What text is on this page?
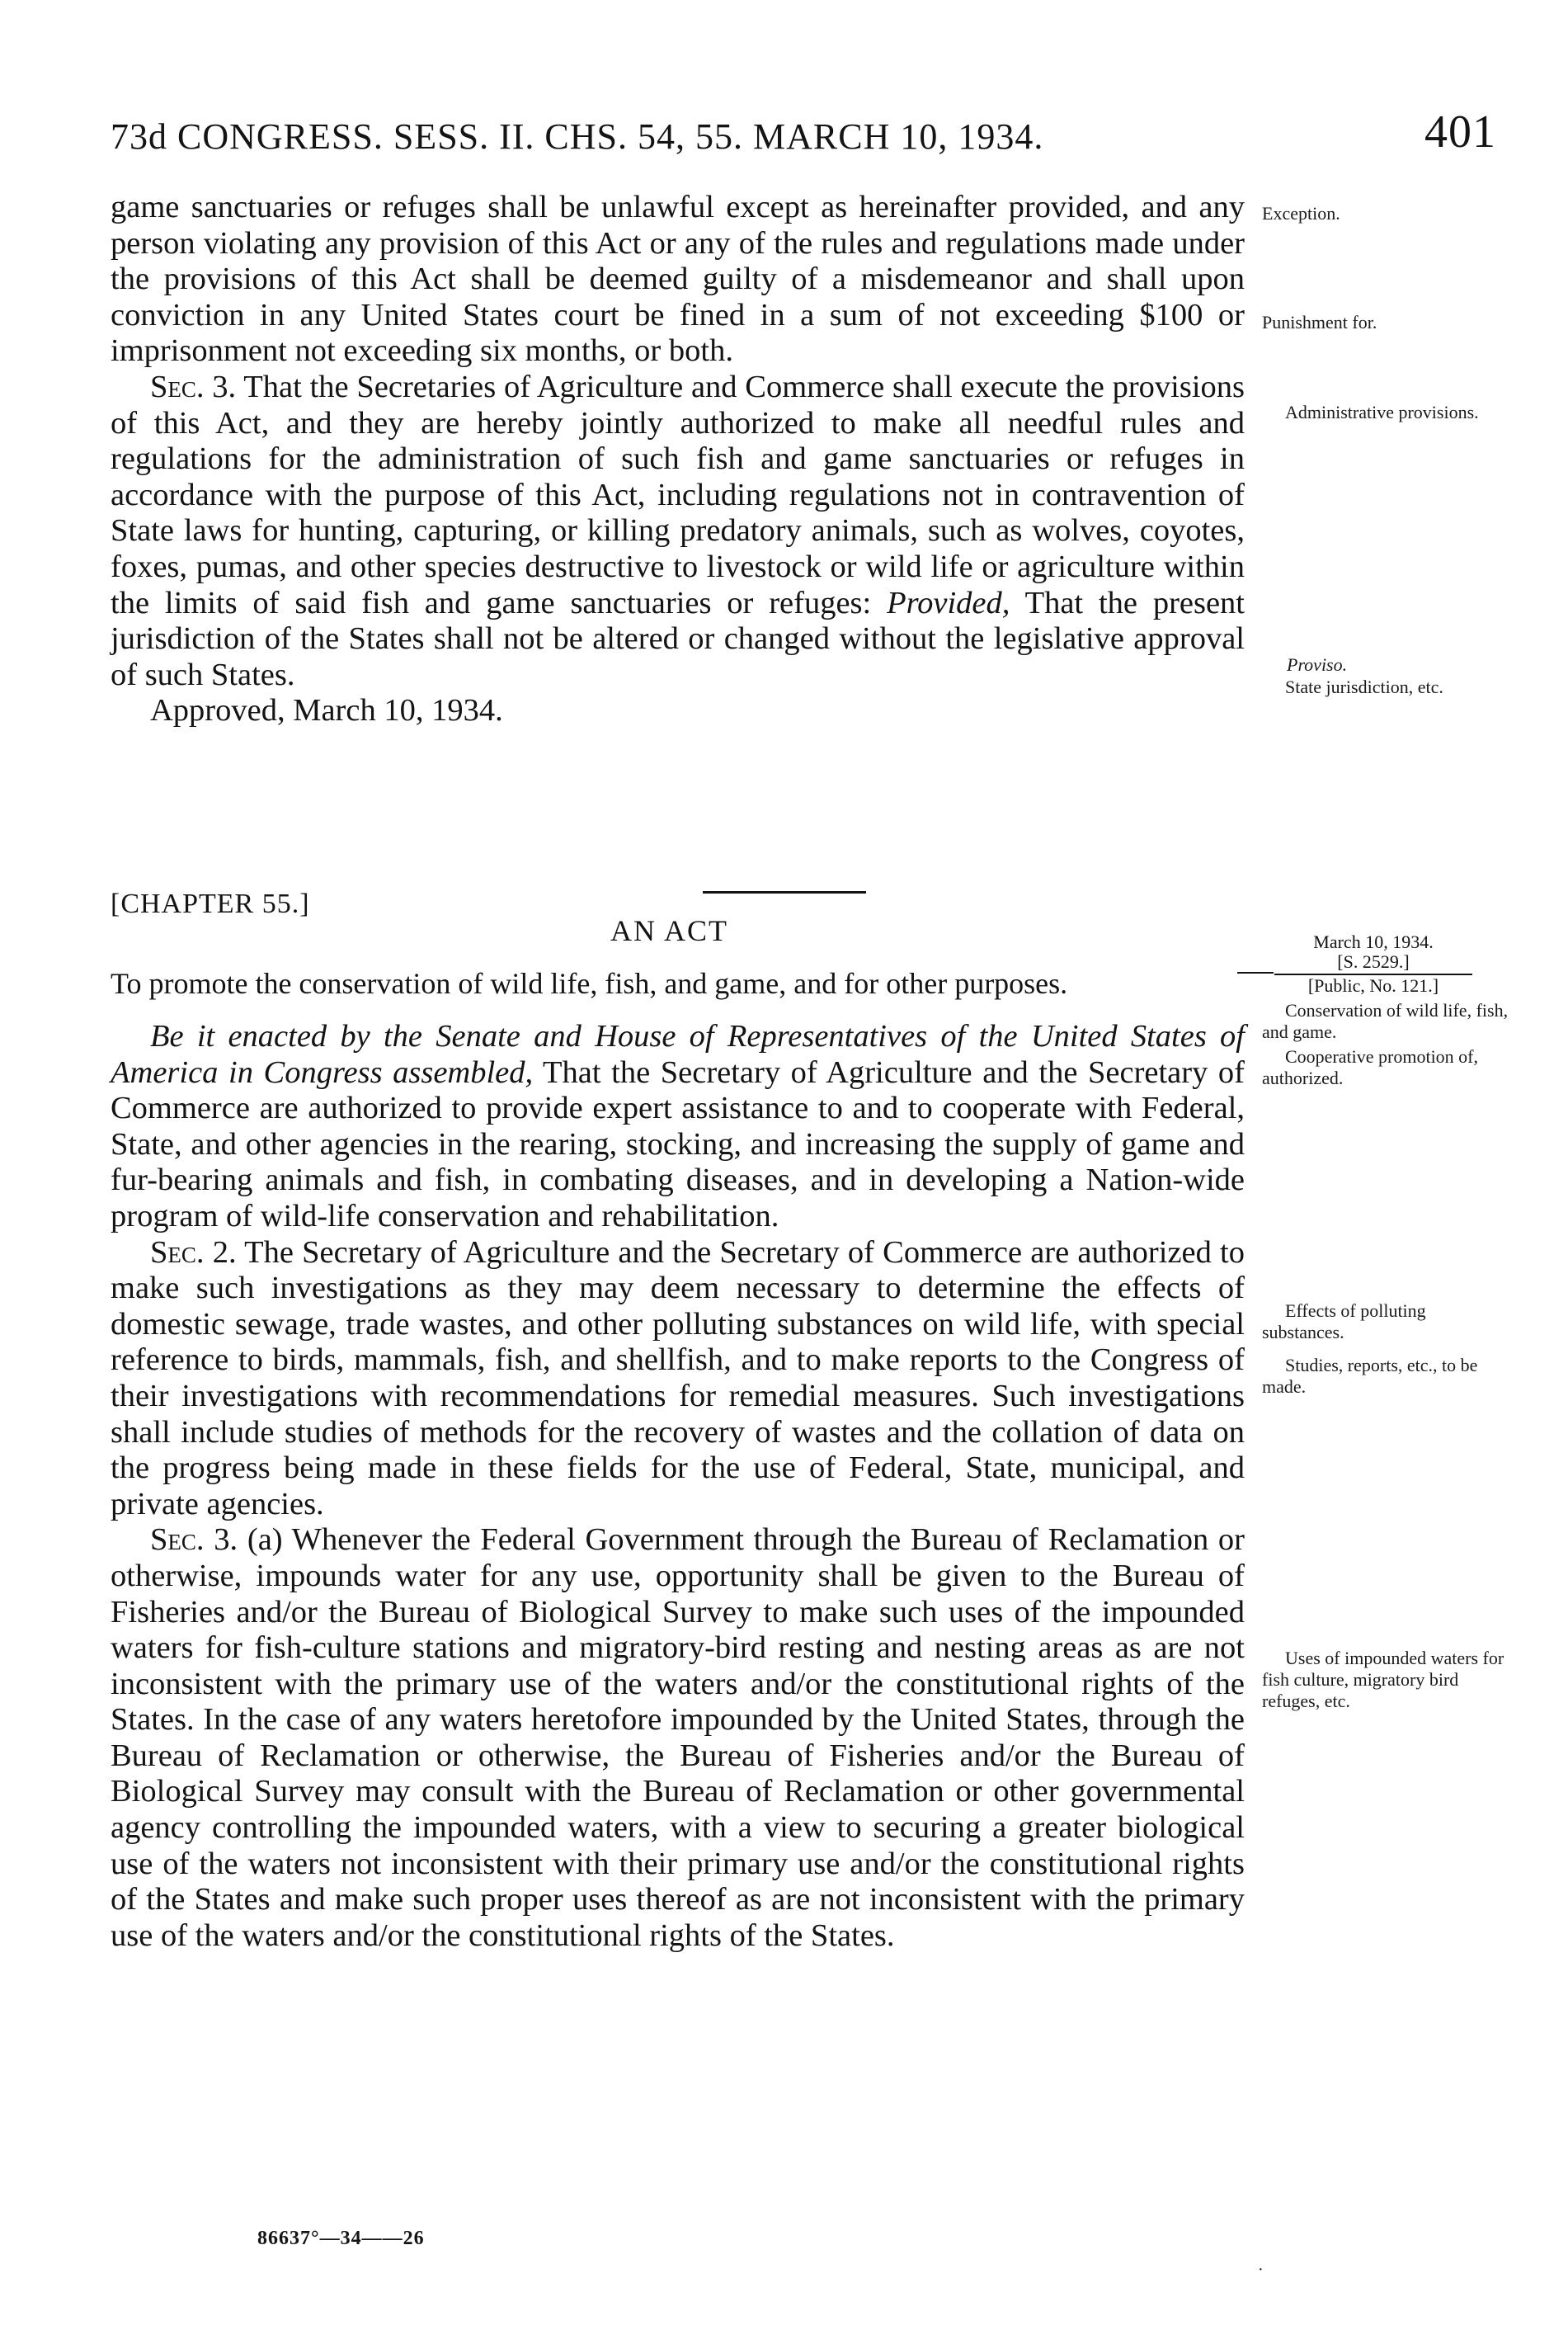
73d CONGRESS. SESS. II. CHS. 54, 55. MARCH 10, 1934.	401

game sanctuaries or refuges shall be unlawful except as hereinafter provided, and any person violating any provision of this Act or any of the rules and regulations made under the provisions of this Act shall be deemed guilty of a misdemeanor and shall upon conviction in any United States court be fined in a sum of not exceeding $100 or imprisonment not exceeding six months, or both.

Sec. 3. That the Secretaries of Agriculture and Commerce shall execute the provisions of this Act, and they are hereby jointly authorized to make all needful rules and regulations for the administration of such fish and game sanctuaries or refuges in accordance with the purpose of this Act, including regulations not in contravention of State laws for hunting, capturing, or killing predatory animals, such as wolves, coyotes, foxes, pumas, and other species destructive to livestock or wild life or agriculture within the limits of said fish and game sanctuaries or refuges: Provided, That the present jurisdiction of the States shall not be altered or changed without the legislative approval of such States.

Approved, March 10, 1934.

[CHAPTER 55.]
AN ACT
To promote the conservation of wild life, fish, and game, and for other purposes.

Be it enacted by the Senate and House of Representatives of the United States of America in Congress assembled, That the Secretary of Agriculture and the Secretary of Commerce are authorized to provide expert assistance to and to cooperate with Federal, State, and other agencies in the rearing, stocking, and increasing the supply of game and fur-bearing animals and fish, in combating diseases, and in developing a Nation-wide program of wild-life conservation and rehabilitation.

Sec. 2. The Secretary of Agriculture and the Secretary of Commerce are authorized to make such investigations as they may deem necessary to determine the effects of domestic sewage, trade wastes, and other polluting substances on wild life, with special reference to birds, mammals, fish, and shellfish, and to make reports to the Congress of their investigations with recommendations for remedial measures. Such investigations shall include studies of methods for the recovery of wastes and the collation of data on the progress being made in these fields for the use of Federal, State, municipal, and private agencies.

Sec. 3. (a) Whenever the Federal Government through the Bureau of Reclamation or otherwise, impounds water for any use, opportunity shall be given to the Bureau of Fisheries and/or the Bureau of Biological Survey to make such uses of the impounded waters for fish-culture stations and migratory-bird resting and nesting areas as are not inconsistent with the primary use of the waters and/or the constitutional rights of the States. In the case of any waters heretofore impounded by the United States, through the Bureau of Reclamation or otherwise, the Bureau of Fisheries and/or the Bureau of Biological Survey may consult with the Bureau of Reclamation or other governmental agency controlling the impounded waters, with a view to securing a greater biological use of the waters not inconsistent with their primary use and/or the constitutional rights of the States and make such proper uses thereof as are not inconsistent with the primary use of the waters and/or the constitutional rights of the States.

86637°—34——26
·
Exception.
Punishment for.
Administrative provisions.
Proviso.
State jurisdiction, etc.
March 10, 1934.
[S. 2529.]
[Public, No. 121.]
Conservation of wild life, fish, and game.
Cooperative promotion of, authorized.
Effects of polluting substances.
Studies, reports, etc., to be made.
Uses of impounded waters for fish culture, migratory bird refuges, etc.
